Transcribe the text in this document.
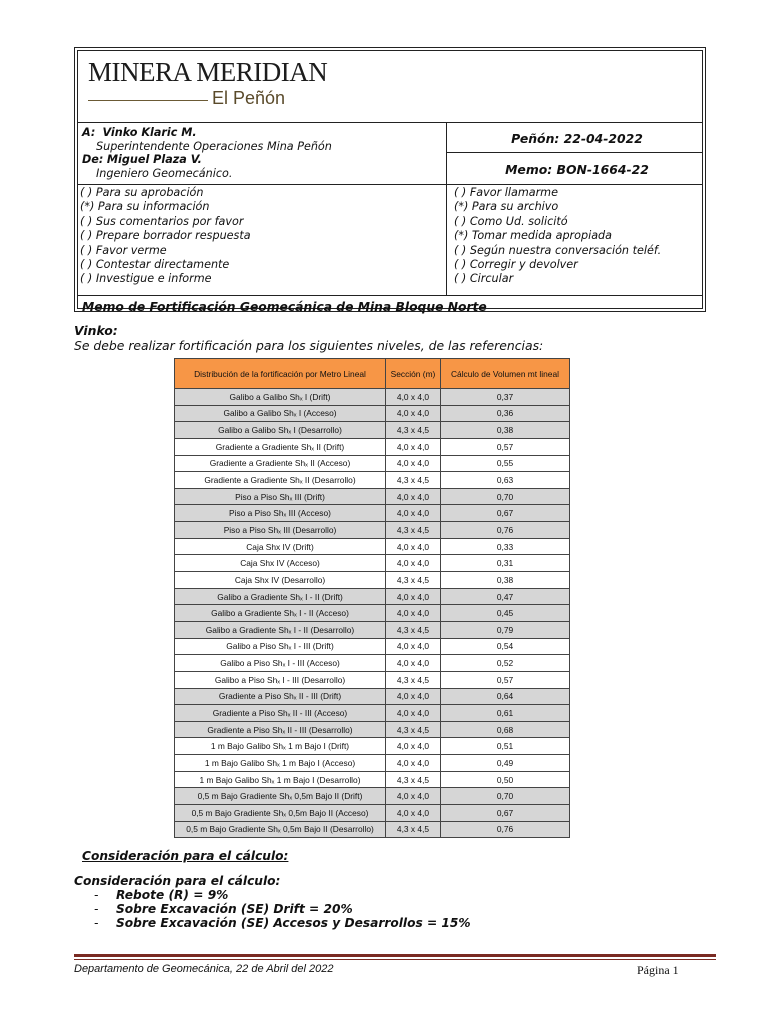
MINERA MERIDIAN
El Peñón
A: Vinko Klaric M.
Superintendente Operaciones Mina Peñón
De: Miguel Plaza V.
Ingeniero Geomecánico.
Peñón: 22-04-2022
Memo: BON-1664-22
( ) Para su aprobación
(*) Para su información
( ) Sus comentarios por favor
( ) Prepare borrador respuesta
( ) Favor verme
( ) Contestar directamente
( ) Investigue e informe
( ) Favor llamarme
(*) Para su archivo
( ) Como Ud. solicitó
(*) Tomar medida apropiada
( ) Según nuestra conversación teléf.
( ) Corregir y devolver
( ) Circular
Memo de Fortificación Geomecánica de Mina Bloque Norte
Vinko:
Se debe realizar fortificación para los siguientes niveles, de las referencias:
Distribución de la fortificación por Metro Lineal	Sección (m)	Cálculo de Volumen mt lineal
Galibo a Galibo Shₓ I (Drift)	4,0 x 4,0	0,37
Galibo a Galibo Shₓ I (Acceso)	4,0 x 4,0	0,36
Galibo a Galibo Shₓ I (Desarrollo)	4,3 x 4,5	0,38
Gradiente a Gradiente Shₓ II (Drift)	4,0 x 4,0	0,57
Gradiente a Gradiente Shₓ II (Acceso)	4,0 x 4,0	0,55
Gradiente a Gradiente Shₓ II (Desarrollo)	4,3 x 4,5	0,63
Piso a Piso Shₓ III (Drift)	4,0 x 4,0	0,70
Piso a Piso Shₓ III (Acceso)	4,0 x 4,0	0,67
Piso a Piso Shₓ III (Desarrollo)	4,3 x 4,5	0,76
Caja Shx IV (Drift)	4,0 x 4,0	0,33
Caja Shx IV (Acceso)	4,0 x 4,0	0,31
Caja Shx IV (Desarrollo)	4,3 x 4,5	0,38
Galibo a Gradiente Shₓ I - II (Drift)	4,0 x 4,0	0,47
Galibo a Gradiente Shₓ I - II (Acceso)	4,0 x 4,0	0,45
Galibo a Gradiente Shₓ I - II (Desarrollo)	4,3 x 4,5	0,79
Galibo a Piso Shₓ I - III (Drift)	4,0 x 4,0	0,54
Galibo a Piso Shₓ I - III (Acceso)	4,0 x 4,0	0,52
Galibo a Piso Shₓ I - III (Desarrollo)	4,3 x 4,5	0,57
Gradiente a Piso Shₓ II - III (Drift)	4,0 x 4,0	0,64
Gradiente a Piso Shₓ II - III (Acceso)	4,0 x 4,0	0,61
Gradiente a Piso Shₓ II - III (Desarrollo)	4,3 x 4,5	0,68
1 m Bajo Galibo Shₓ 1 m Bajo I (Drift)	4,0 x 4,0	0,51
1 m Bajo Galibo Shₓ 1 m Bajo I (Acceso)	4,0 x 4,0	0,49
1 m Bajo Galibo Shₓ 1 m Bajo I (Desarrollo)	4,3 x 4,5	0,50
0,5 m Bajo Gradiente Shₓ 0,5m Bajo II (Drift)	4,0 x 4,0	0,70
0,5 m Bajo Gradiente Shₓ 0,5m Bajo II (Acceso)	4,0 x 4,0	0,67
0,5 m Bajo Gradiente Shₓ 0,5m Bajo II (Desarrollo)	4,3 x 4,5	0,76
Consideración para el cálculo:
Consideración para el cálculo:
- Rebote (R) = 9%
- Sobre Excavación (SE) Drift = 20%
- Sobre Excavación (SE) Accesos y Desarrollos = 15%
Departamento de Geomecánica, 22 de Abril del 2022	Página 1
